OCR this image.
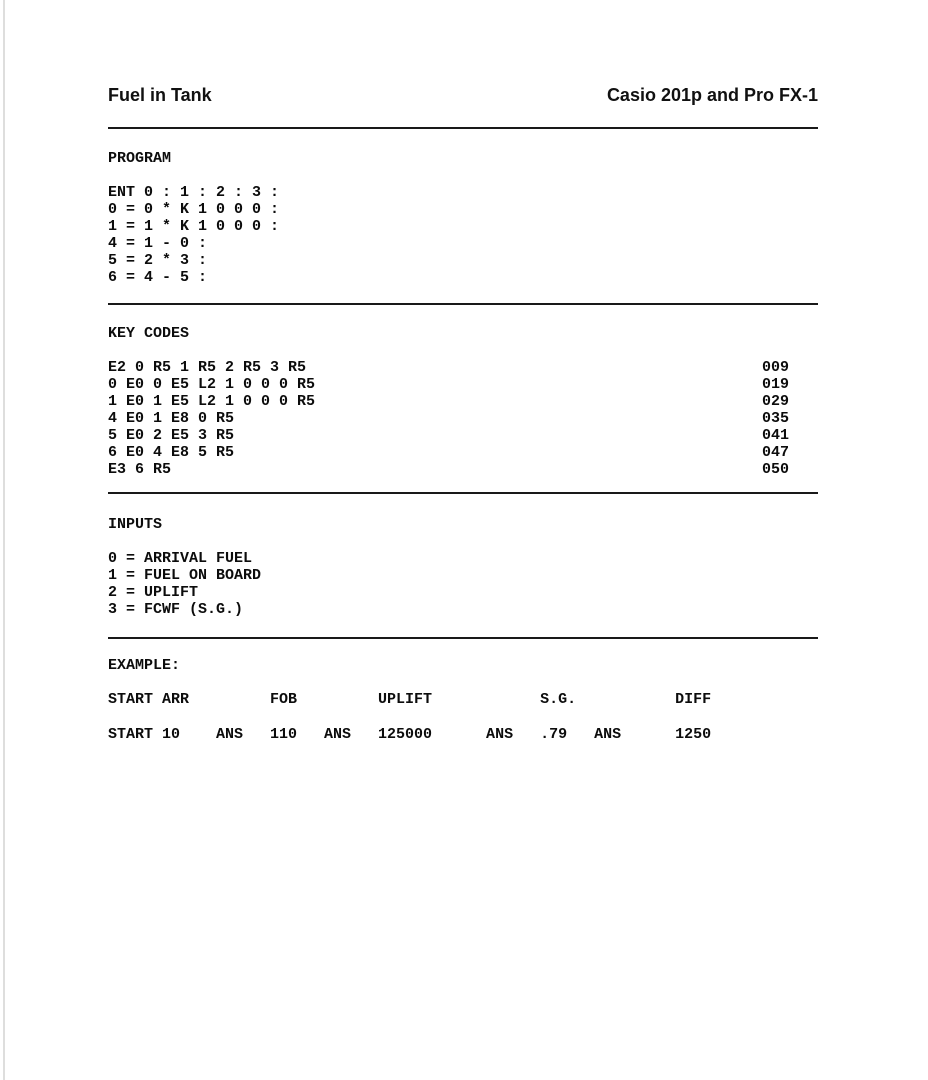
Fuel in Tank	Casio 201p and Pro FX-1
PROGRAM
ENT 0 : 1 : 2 : 3 :
0 = 0 * K 1 0 0 0 :
1 = 1 * K 1 0 0 0 :
4 = 1 - 0 :
5 = 2 * 3 :
6 = 4 - 5 :
KEY CODES
E2 0 R5 1 R5 2 R5 3 R5	009
0 E0 0 E5 L2 1 0 0 0 R5	019
1 E0 1 E5 L2 1 0 0 0 R5	029
4 E0 1 E8 0 R5	035
5 E0 2 E5 3 R5	041
6 E0 4 E8 5 R5	047
E3 6 R5	050
INPUTS
0 = ARRIVAL FUEL
1 = FUEL ON BOARD
2 = UPLIFT
3 = FCWF (S.G.)
EXAMPLE:
START ARR         FOB         UPLIFT            S.G.           DIFF
START 10    ANS   110   ANS   125000      ANS   .79   ANS      1250
